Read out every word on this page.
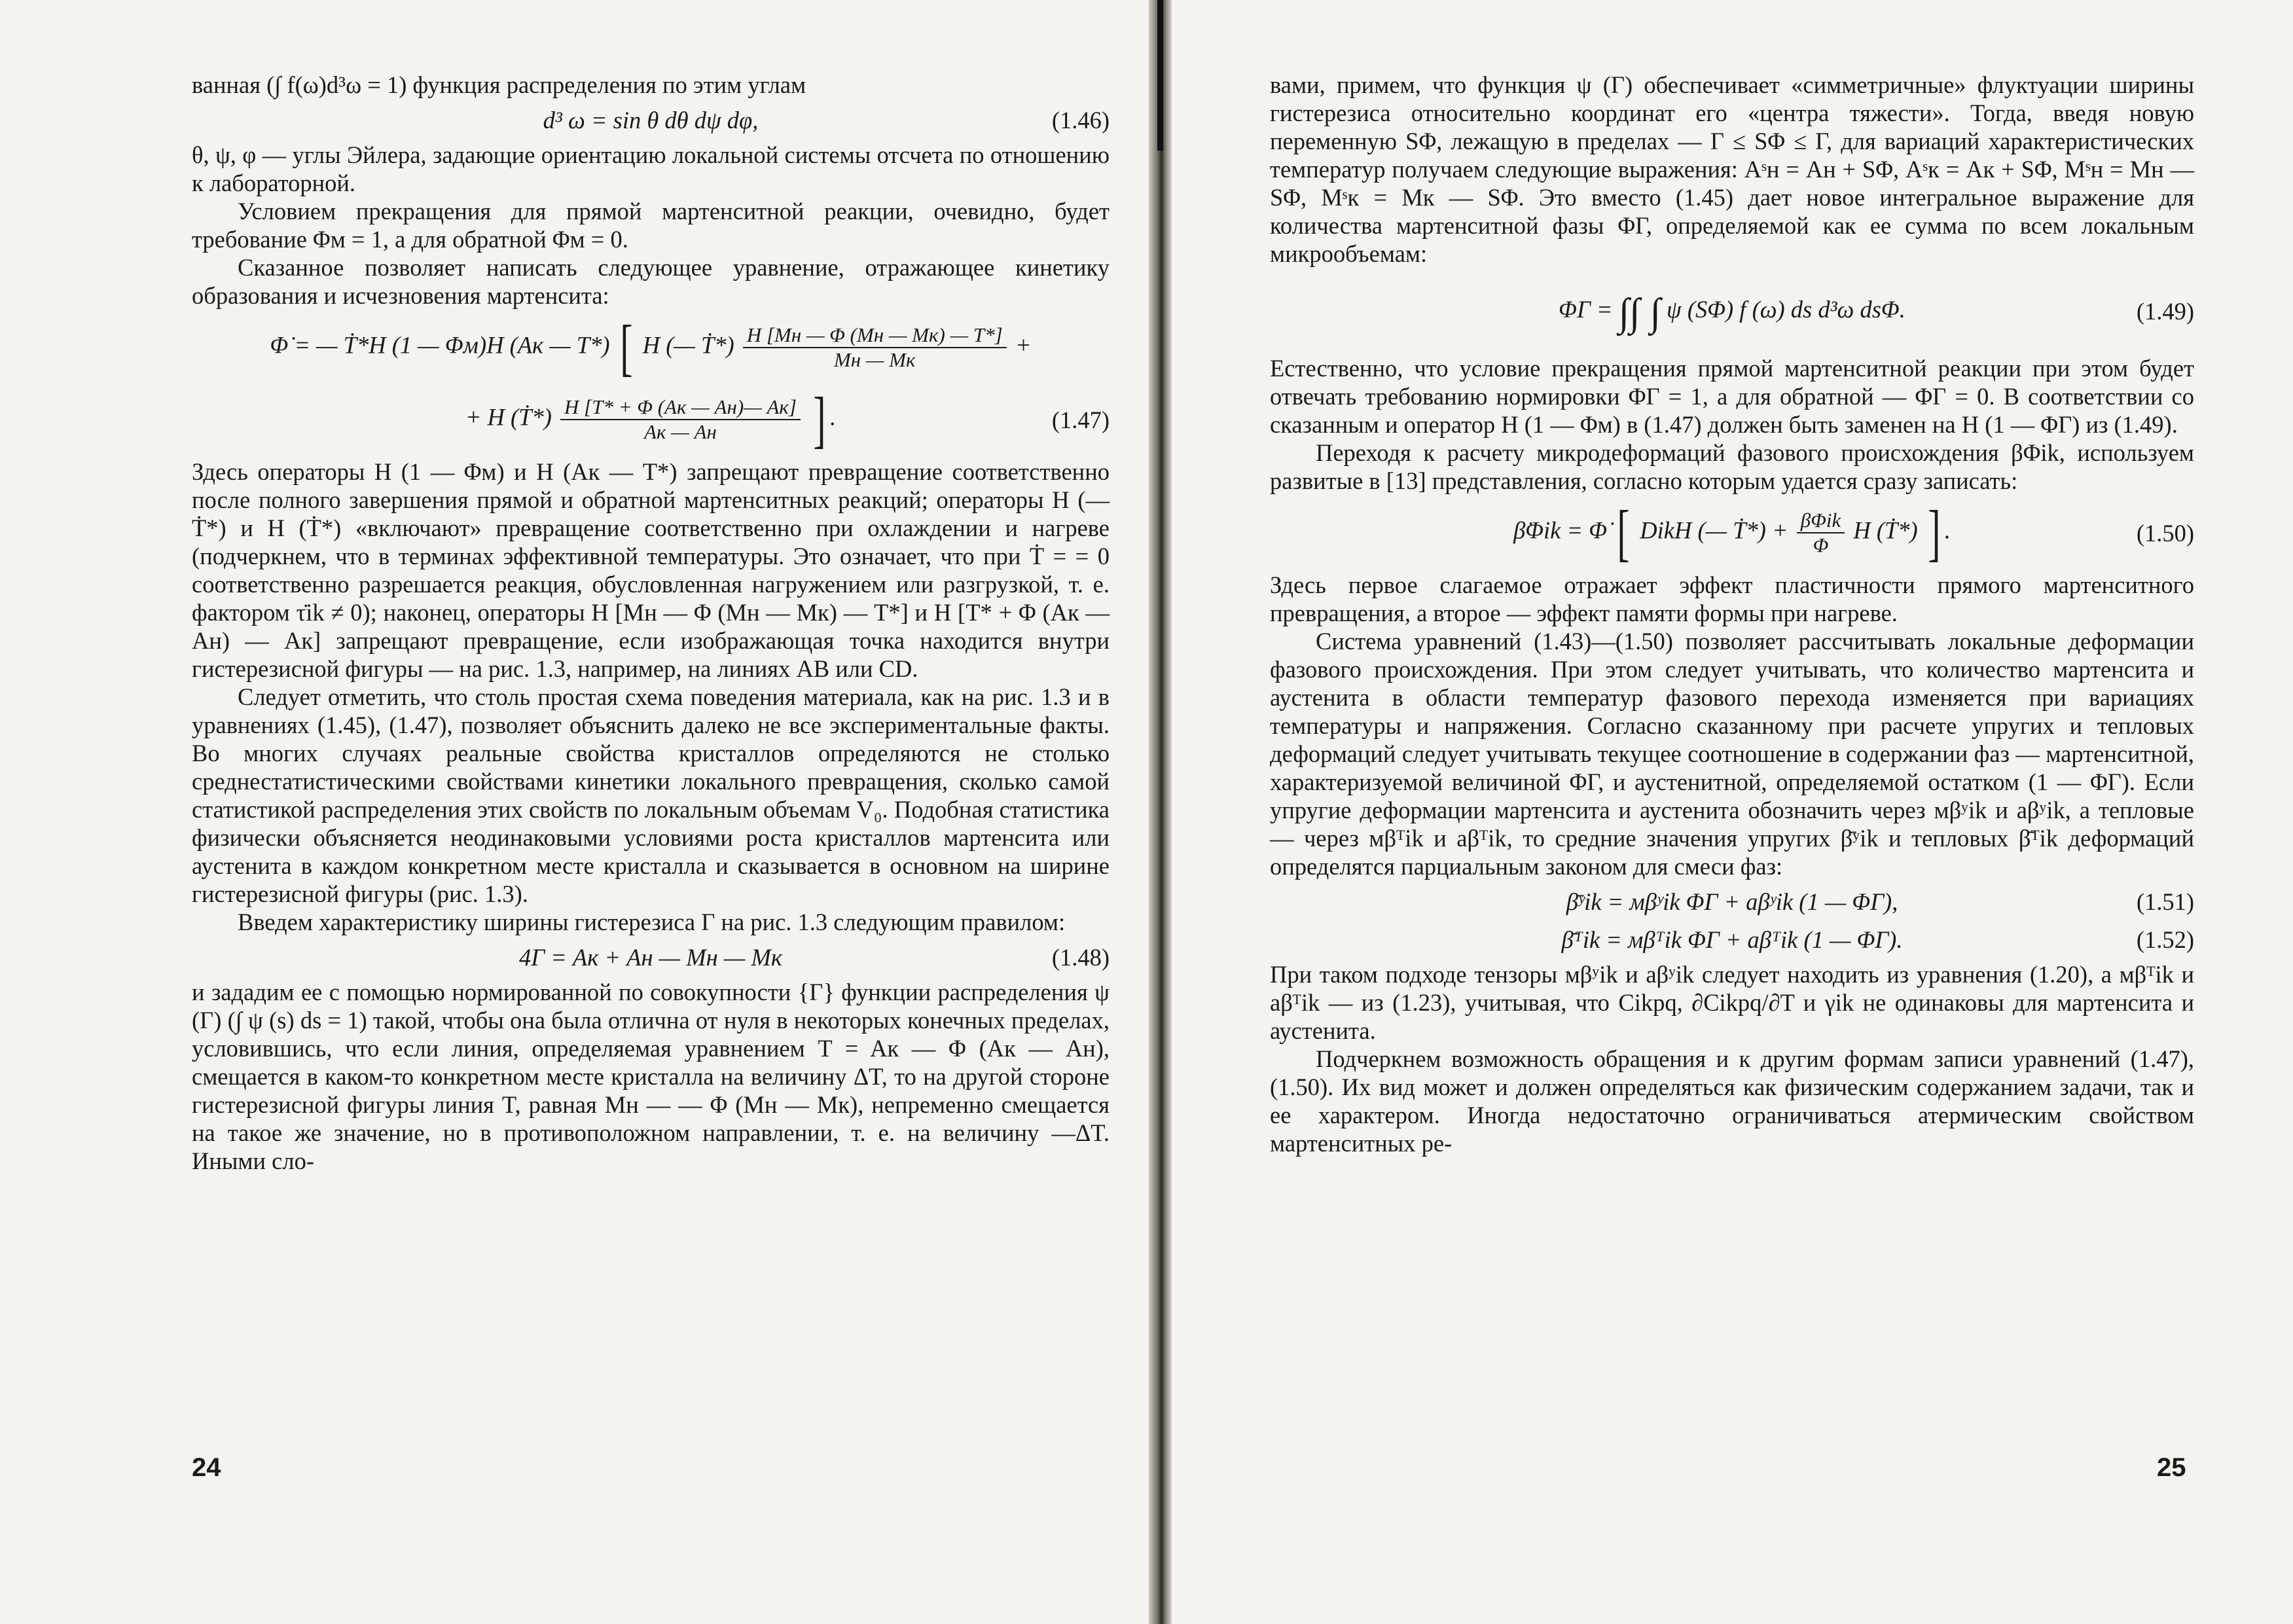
ванная (∫ f(ω)d³ω = 1) функция распределения по этим углам

d³ ω = sin θ dθ dψ dφ,	(1.46)

θ, ψ, φ — углы Эйлера, задающие ориентацию локальной системы отсчета по отношению к лабораторной.

Условием прекращения для прямой мартенситной реакции, очевидно, будет требование Φм = 1, а для обратной Φм = 0.

Сказанное позволяет написать следующее уравнение, отражающее кинетику образования и исчезновения мартенсита:

Φ̇ = — Ṫ*H (1 — Φм)H (Aк — T*) [ H (— Ṫ*) $\frac{H [Mн — \Phi (Mн — Mк) — T*]}{Mн — Mк}$ +
+ H (Ṫ*) $\frac{H [T* + \Phi (Aк — Aн)— Aк]}{Aк — Aн}$ ] .	(1.47)

Здесь операторы H (1 — Φм) и H (Aк — T*) запрещают превращение соответственно после полного завершения прямой и обратной мартенситных реакций; операторы H (—Ṫ*) и H (Ṫ*) «включают» превращение соответственно при охлаждении и нагреве (подчеркнем, что в терминах эффективной температуры. Это означает, что при Ṫ = = 0 соответственно разрешается реакция, обусловленная нагружением или разгрузкой, т. е. фактором τ̇ik ≠ 0); наконец, операторы H [Mн — Φ (Mн — Mк) — T*] и H [T* + Φ (Aк — Aн) — Aк] запрещают превращение, если изображающая точка находится внутри гистерезисной фигуры — на рис. 1.3, например, на линиях AB или CD.

Следует отметить, что столь простая схема поведения материала, как на рис. 1.3 и в уравнениях (1.45), (1.47), позволяет объяснить далеко не все экспериментальные факты. Во многих случаях реальные свойства кристаллов определяются не столько среднестатистическими свойствами кинетики локального превращения, сколько самой статистикой распределения этих свойств по локальным объемам V₀. Подобная статистика физически объясняется неодинаковыми условиями роста кристаллов мартенсита или аустенита в каждом конкретном месте кристалла и сказывается в основном на ширине гистерезисной фигуры (рис. 1.3).

Введем характеристику ширины гистерезиса Γ на рис. 1.3 следующим правилом:

4Γ = Aк + Aн — Mн — Mк	(1.48)

и зададим ее с помощью нормированной по совокупности {Γ} функции распределения ψ (Γ) (∫ ψ (s) ds = 1) такой, чтобы она была отлична от нуля в некоторых конечных пределах, условившись, что если линия, определяемая уравнением T = Aк — Φ (Aк — Aн), смещается в каком-то конкретном месте кристалла на величину ΔT, то на другой стороне гистерезисной фигуры линия T, равная Mн — — Φ (Mн — Mк), непременно смещается на такое же значение, но в противоположном направлении, т. е. на величину —ΔT. Иными сло-

24

вами, примем, что функция ψ (Γ) обеспечивает «симметричные» флуктуации ширины гистерезиса относительно координат его «центра тяжести». Тогда, введя новую переменную SΦ, лежащую в пределах — Γ ≤ SΦ ≤ Γ, для вариаций характеристических температур получаем следующие выражения: Aˢн = Aн + SΦ, Aˢк = Aк + SΦ, Mˢн = Mн — SΦ, Mˢк = Mк — SΦ. Это вместо (1.45) дает новое интегральное выражение для количества мартенситной фазы ΦΓ, определяемой как ее сумма по всем локальным микрообъемам:

ΦΓ = ∫∫ ∫ ψ (SΦ) f (ω) ds d³ω dsΦ.	(1.49)

Естественно, что условие прекращения прямой мартенситной реакции при этом будет отвечать требованию нормировки ΦΓ = 1, а для обратной — ΦΓ = 0. В соответствии со сказанным и оператор H (1 — Φм) в (1.47) должен быть заменен на H (1 — ΦΓ) из (1.49).

Переходя к расчету микродеформаций фазового происхождения βΦik, используем развитые в [13] представления, согласно которым удается сразу записать:

β̇Φik = Φ̇ [ DikH (— Ṫ*) + $\frac{\text{βΦik}}{\Phi}$ H (Ṫ*) ] .	(1.50)

Здесь первое слагаемое отражает эффект пластичности прямого мартенситного превращения, а второе — эффект памяти формы при нагреве.

Система уравнений (1.43)—(1.50) позволяет рассчитывать локальные деформации фазового происхождения. При этом следует учитывать, что количество мартенсита и аустенита в области температур фазового перехода изменяется при вариациях температуры и напряжения. Согласно сказанному при расчете упругих и тепловых деформаций следует учитывать текущее соотношение в содержании фаз — мартенситной, характеризуемой величиной ΦΓ, и аустенитной, определяемой остатком (1 — ΦΓ). Если упругие деформации мартенсита и аустенита обозначить через мβʸik и аβʸik, а тепловые — через мβᵀik и аβᵀik, то средние значения упругих β̄ʸik и тепловых β̄ᵀik деформаций определятся парциальным законом для смеси фаз:

β̄ʸik = мβʸik ΦΓ + аβʸik (1 — ΦΓ),	(1.51)
β̄ᵀik = мβᵀik ΦΓ + аβᵀik (1 — ΦΓ).	(1.52)

При таком подходе тензоры мβʸik и аβʸik следует находить из уравнения (1.20), а мβᵀik и аβᵀik — из (1.23), учитывая, что Cikpq, ∂Cikpq/∂T и γik не одинаковы для мартенсита и аустенита.

Подчеркнем возможность обращения и к другим формам записи уравнений (1.47), (1.50). Их вид может и должен определяться как физическим содержанием задачи, так и ее характером. Иногда недостаточно ограничиваться атермическим свойством мартенситных ре-

25
